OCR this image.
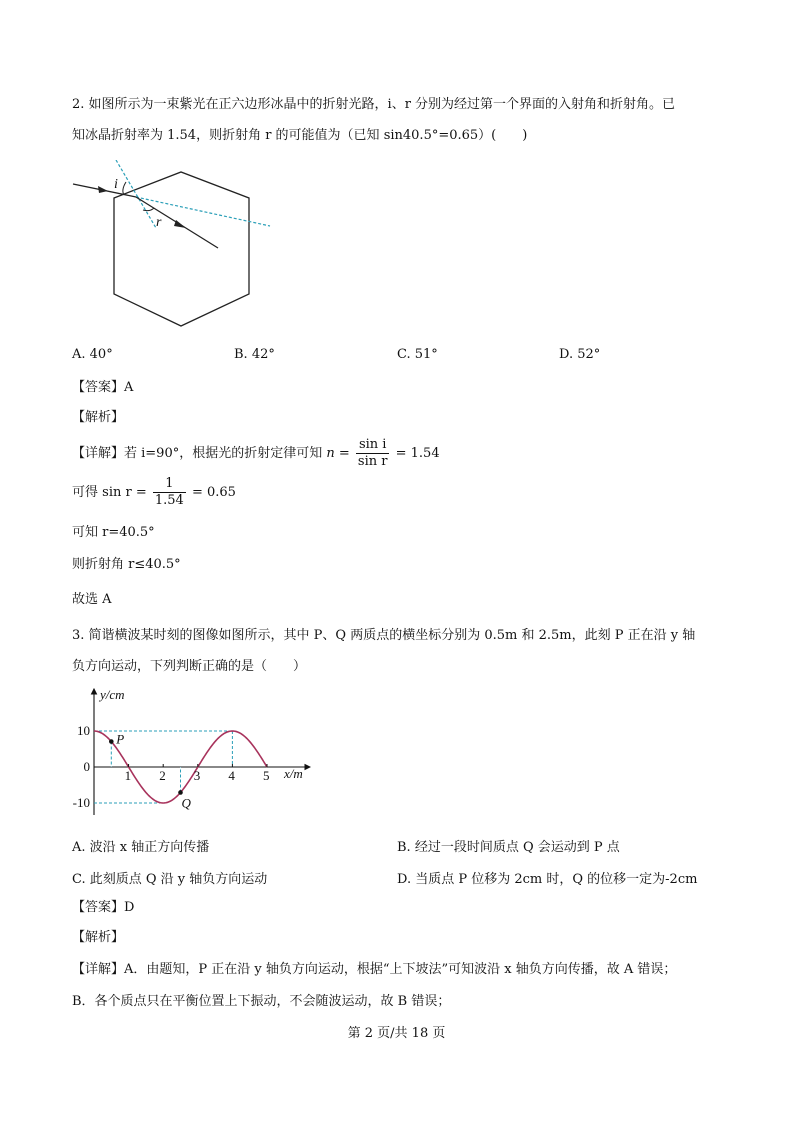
2. 如图所示为一束紫光在正六边形冰晶中的折射光路，i、r 分别为经过第一个界面的入射角和折射角。已
知冰晶折射率为 1.54，则折射角 r 的可能值为（已知 sin40.5°=0.65）(　　)
i
r
A. 40°	B. 42°	C. 51°	D. 52°
【答案】A
【解析】
【详解】若 i=90°，根据光的折射定律可知 $n = \frac{\text{sin i}}{\text{sin r}} = 1.54$
可得 $\sin r = \frac{1}{1.54} = 0.65$
可知 r=40.5°
则折射角 r≤40.5°
故选 A
3. 简谐横波某时刻的图像如图所示，其中 P、Q 两质点的横坐标分别为 0.5m 和 2.5m，此刻 P 正在沿 y 轴
负方向运动，下列判断正确的是（　　）
y/cm
x/m
1 2 3 4 5
10
0
-10
P
Q
A. 波沿 x 轴正方向传播	B. 经过一段时间质点 Q 会运动到 P 点
C. 此刻质点 Q 沿 y 轴负方向运动	D. 当质点 P 位移为 2cm 时，Q 的位移一定为-2cm
【答案】D
【解析】
【详解】A．由题知，P 正在沿 y 轴负方向运动，根据“上下坡法”可知波沿 x 轴负方向传播，故 A 错误；
B．各个质点只在平衡位置上下振动，不会随波运动，故 B 错误；
第 2 页/共 18 页
